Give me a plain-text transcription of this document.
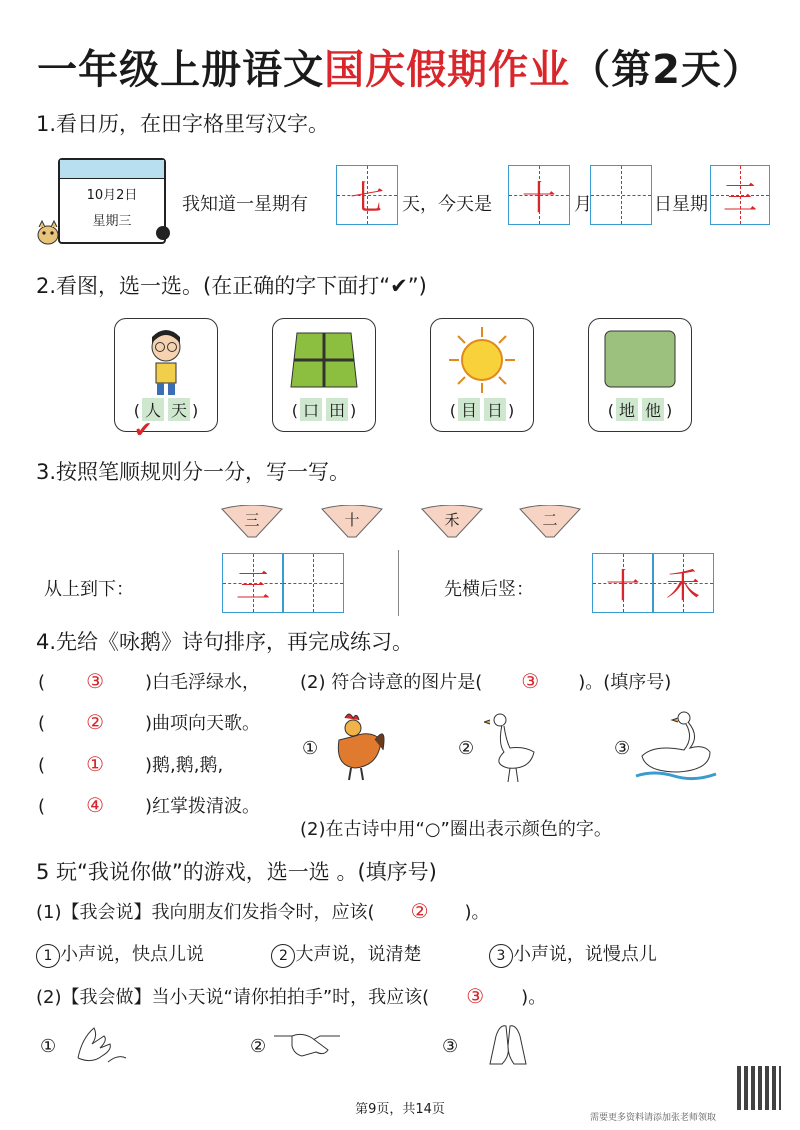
一年级上册语文国庆假期作业（第2天）
1.看日历，在田字格里写汉字。
10月2日
星期三
我知道一星期有	七	天，今天是 十	月	日星期 三
2.看图，选一选。(在正确的字下面打“✔”)
( 人 天 )
✔
( 口 田 )	( 目 日 )	( 地 他 )
3.按照笔顺规则分一分，写一写。
三	十	禾	二
从上到下：	三	先横后竖：	十 禾
4.先给《咏鹅》诗句排序，再完成练习。
( ③ )白毛浮绿水，
( ② )曲项向天歌。
( ① )鹅,鹅,鹅,
( ④ )红掌拨清波。
(2) 符合诗意的图片是( ③ )。(填序号)
①	②	③
(2)在古诗中用“○”圈出表示颜色的字。
5 玩“我说你做”的游戏，选一选 。(填序号)
(1)【我会说】我向朋友们发指令时，应该( ② )。
1 小声说，快点儿说	2 大声说，说清楚	3 小声说，说慢点儿
(2)【我会做】当小天说“请你拍拍手”时，我应该( ③ )。
①	②	③
第9页，共14页
需要更多资料请添加张老师领取
